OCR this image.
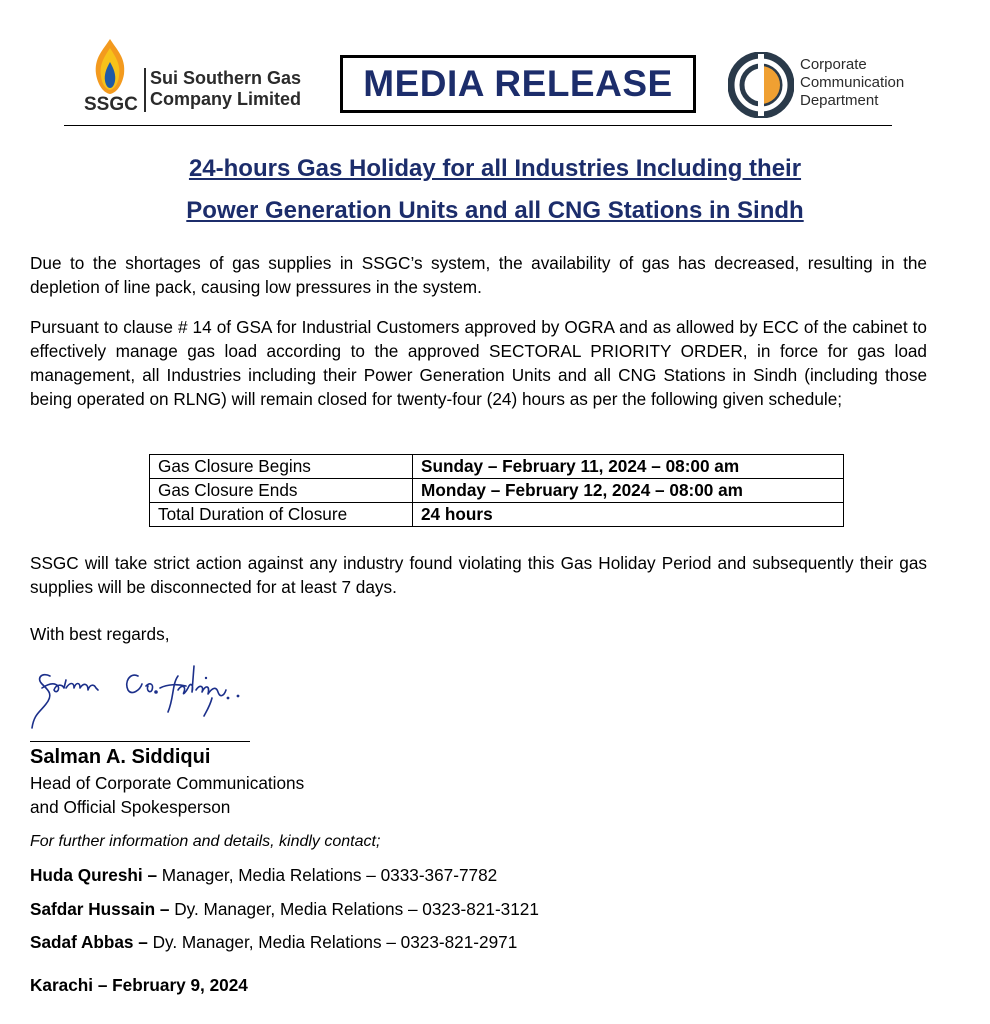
SSGC
Sui Southern Gas
Company Limited MEDIA RELEASE	Corporate
Communication
Department
24-hours Gas Holiday for all Industries Including their
Power Generation Units and all CNG Stations in Sindh
Due to the shortages of gas supplies in SSGC’s system, the availability of gas has decreased, resulting in the depletion of line pack, causing low pressures in the system.
Pursuant to clause # 14 of GSA for Industrial Customers approved by OGRA and as allowed by ECC of the cabinet to effectively manage gas load according to the approved SECTORAL PRIORITY ORDER, in force for gas load management, all Industries including their Power Generation Units and all CNG Stations in Sindh (including those being operated on RLNG) will remain closed for twenty-four (24) hours as per the following given schedule;
Gas Closure Begins	Sunday – February 11, 2024 – 08:00 am
Gas Closure Ends	Monday – February 12, 2024 – 08:00 am
Total Duration of Closure	24 hours
SSGC will take strict action against any industry found violating this Gas Holiday Period and subsequently their gas supplies will be disconnected for at least 7 days.
With best regards,
Salman A. Siddiqui
Head of Corporate Communications
and Official Spokesperson
For further information and details, kindly contact;
Huda Qureshi – Manager, Media Relations – 0333-367-7782
Safdar Hussain – Dy. Manager, Media Relations – 0323-821-3121
Sadaf Abbas – Dy. Manager, Media Relations – 0323-821-2971
Karachi – February 9, 2024
